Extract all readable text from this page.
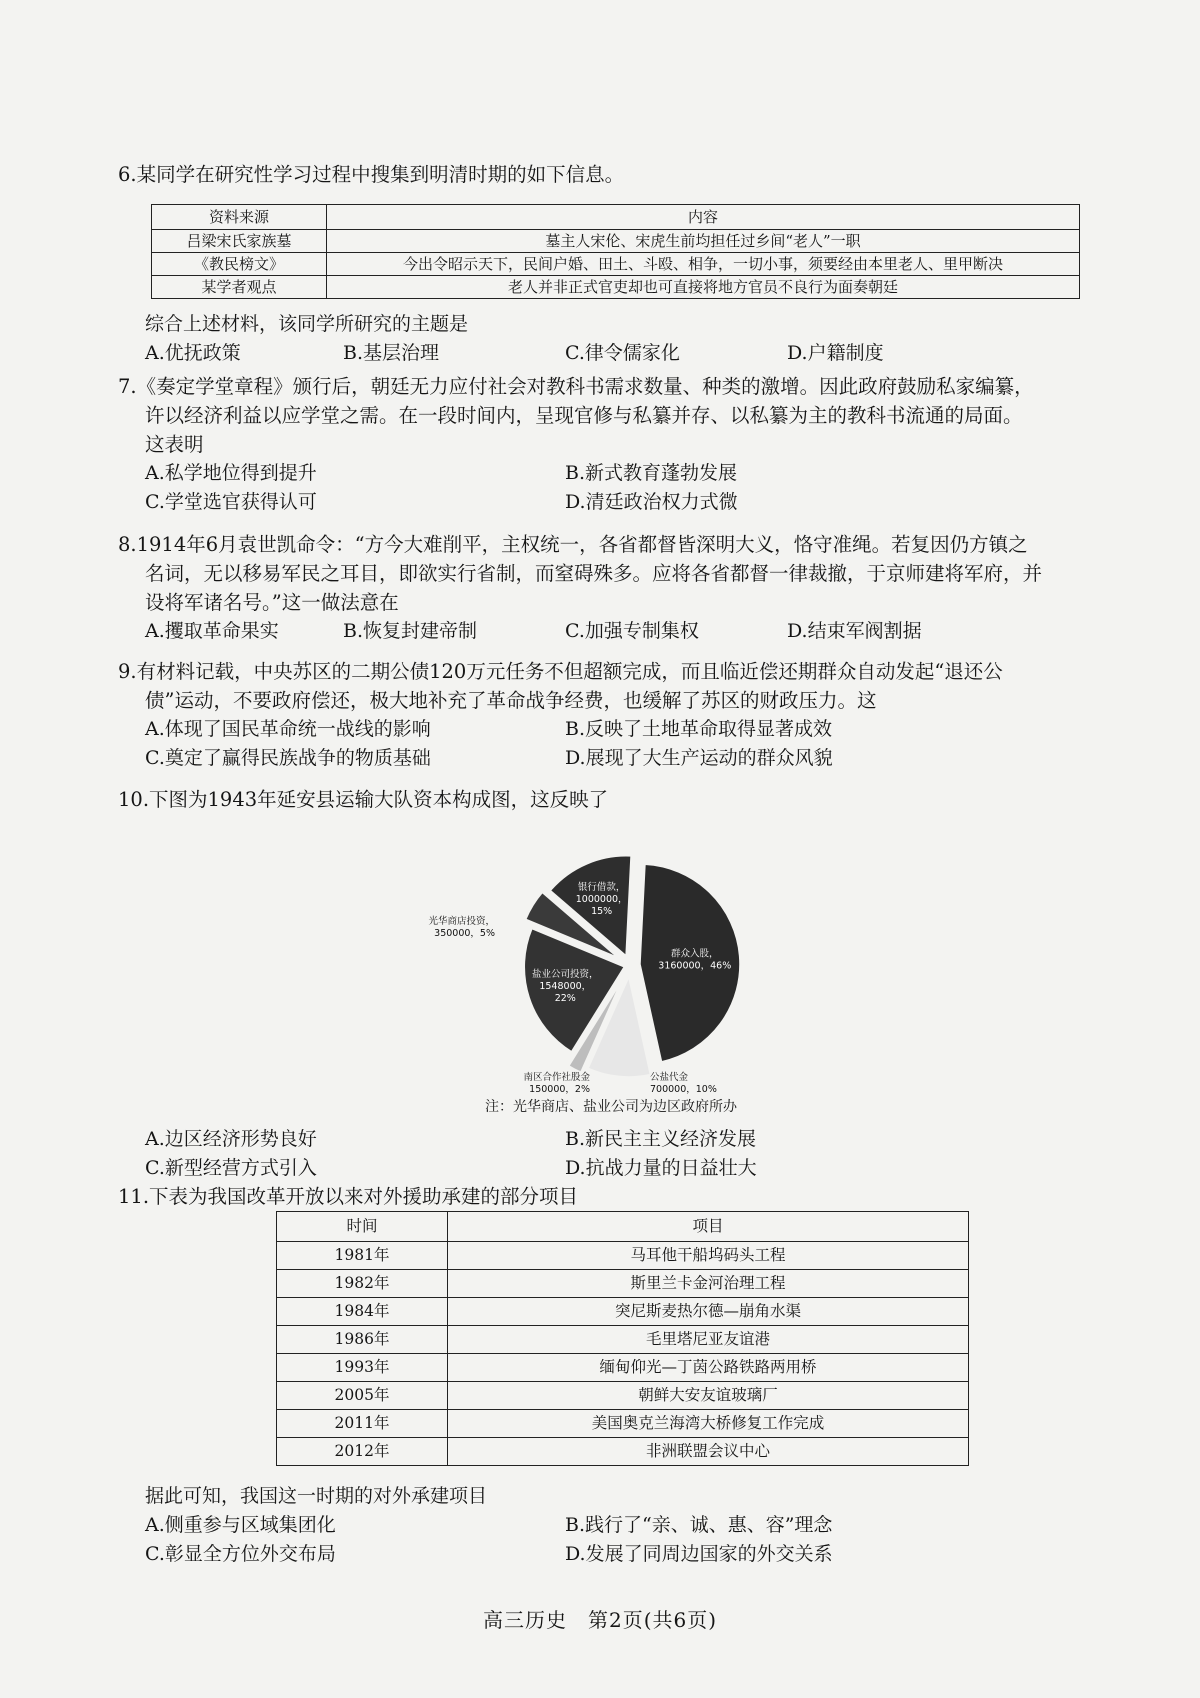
6.某同学在研究性学习过程中搜集到明清时期的如下信息。

资料来源	内容
吕梁宋氏家族墓	墓主人宋伦、宋虎生前均担任过乡间“老人”一职
《教民榜文》	今出令昭示天下，民间户婚、田土、斗殴、相争，一切小事，须要经由本里老人、里甲断决
某学者观点	老人并非正式官吏却也可直接将地方官员不良行为面奏朝廷

综合上述材料，该同学所研究的主题是

A.优抚政策	B.基层治理	C.律令儒家化	D.户籍制度

7.《奏定学堂章程》颁行后，朝廷无力应付社会对教科书需求数量、种类的激增。因此政府鼓励私家编纂，

许以经济利益以应学堂之需。在一段时间内，呈现官修与私纂并存、以私纂为主的教科书流通的局面。

这表明

A.私学地位得到提升	B.新式教育蓬勃发展
C.学堂选官获得认可	D.清廷政治权力式微

8.1914年6月袁世凯命令：“方今大难削平，主权统一，各省都督皆深明大义，恪守准绳。若复因仍方镇之

名词，无以移易军民之耳目，即欲实行省制，而窒碍殊多。应将各省都督一律裁撤，于京师建将军府，并

设将军诸名号。”这一做法意在

A.攫取革命果实	B.恢复封建帝制	C.加强专制集权	D.结束军阀割据

9.有材料记载，中央苏区的二期公债120万元任务不但超额完成，而且临近偿还期群众自动发起“退还公

债”运动，不要政府偿还，极大地补充了革命战争经费，也缓解了苏区的财政压力。这

A.体现了国民革命统一战线的影响	B.反映了土地革命取得显著成效
C.奠定了赢得民族战争的物质基础	D.展现了大生产运动的群众风貌

10.下图为1943年延安县运输大队资本构成图，这反映了

群众入股， 3160000，46%
公盐代金 700000，10%
南区合作社股金 150000，2%
盐业公司投资， 1548000， 22%
光华商店投资， 350000，5%
银行借款， 1000000， 15%
注：光华商店、盐业公司为边区政府所办
A.边区经济形势良好	B.新民主主义经济发展
C.新型经营方式引入	D.抗战力量的日益壮大

11.下表为我国改革开放以来对外援助承建的部分项目

时间	项目
1981年	马耳他干船坞码头工程
1982年	斯里兰卡金河治理工程
1984年	突尼斯麦热尔德—崩角水渠
1986年	毛里塔尼亚友谊港
1993年	缅甸仰光—丁茵公路铁路两用桥
2005年	朝鲜大安友谊玻璃厂
2011年	美国奥克兰海湾大桥修复工作完成
2012年	非洲联盟会议中心

据此可知，我国这一时期的对外承建项目

A.侧重参与区域集团化	B.践行了“亲、诚、惠、容”理念
C.彰显全方位外交布局	D.发展了同周边国家的外交关系
高三历史　第2页(共6页)
